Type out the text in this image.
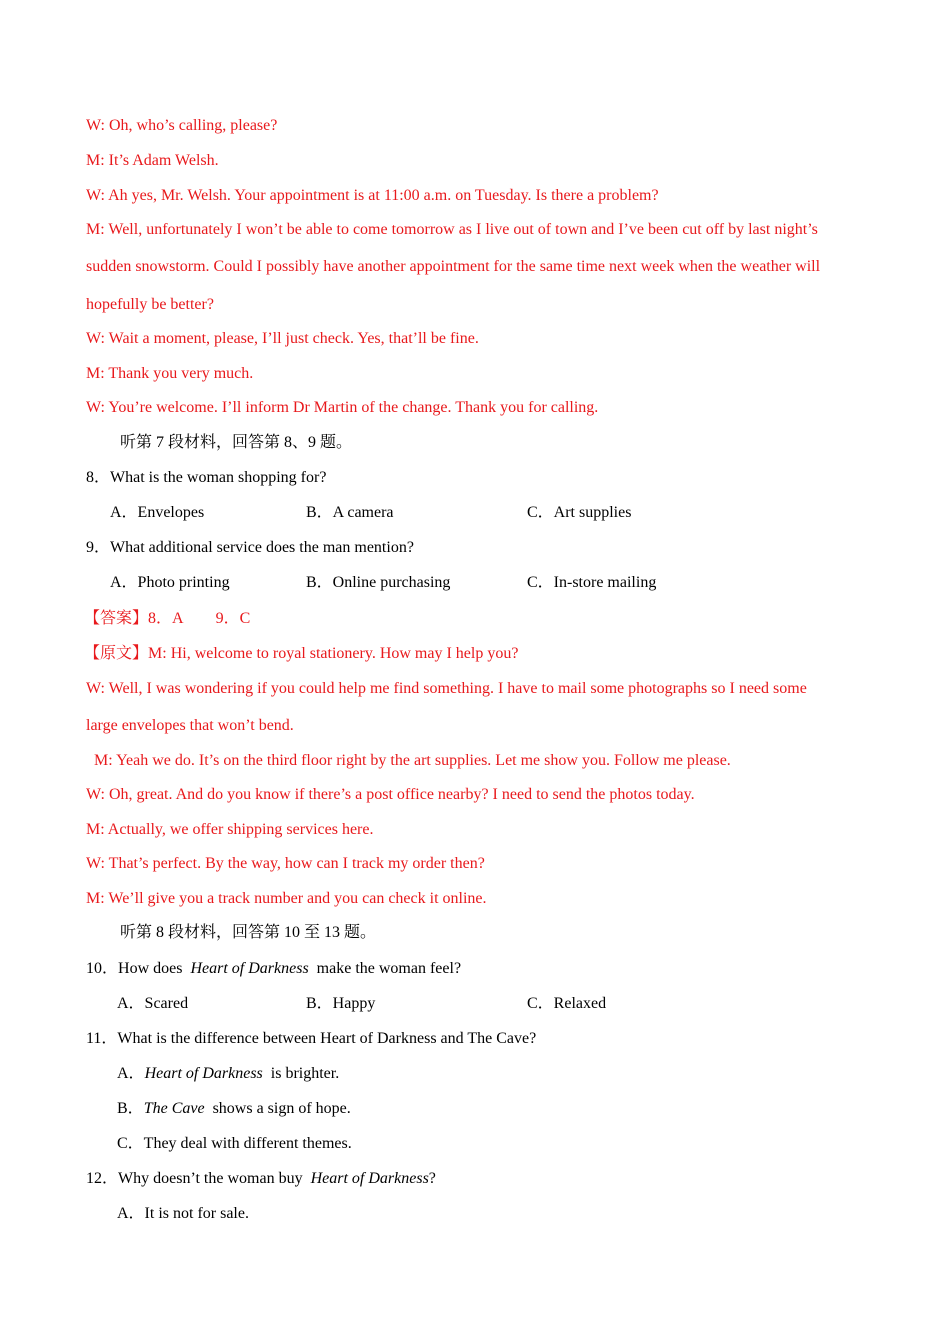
W: Oh, who’s calling, please?
M: It’s Adam Welsh.
W: Ah yes, Mr. Welsh. Your appointment is at 11:00 a.m. on Tuesday. Is there a problem?
M: Well, unfortunately I won’t be able to come tomorrow as I live out of town and I’ve been cut off by last night’s
sudden snowstorm. Could I possibly have another appointment for the same time next week when the weather will
hopefully be better?
W: Wait a moment, please, I’ll just check. Yes, that’ll be fine.
M: Thank you very much.
W: You’re welcome. I’ll inform Dr Martin of the change. Thank you for calling.
听第 7 段材料，回答第 8、9 题。
8．What is the woman shopping for?
A．Envelopes	B．A camera	C．Art supplies
9．What additional service does the man mention?
A．Photo printing	B．Online purchasing	C．In-store mailing
【答案】8．A 9．C
【原文】M: Hi, welcome to royal stationery. How may I help you?
W: Well, I was wondering if you could help me find something. I have to mail some photographs so I need some
large envelopes that won’t bend.
M: Yeah we do. It’s on the third floor right by the art supplies. Let me show you. Follow me please.
W: Oh, great. And do you know if there’s a post office nearby? I need to send the photos today.
M: Actually, we offer shipping services here.
W: That’s perfect. By the way, how can I track my order then?
M: We’ll give you a track number and you can check it online.
听第 8 段材料，回答第 10 至 13 题。
10．How does Heart of Darkness make the woman feel?
A．Scared	B．Happy	C．Relaxed
11．What is the difference between Heart of Darkness and The Cave?
A．Heart of Darkness is brighter.
B．The Cave shows a sign of hope.
C．They deal with different themes.
12．Why doesn’t the woman buy Heart of Darkness?
A．It is not for sale.
